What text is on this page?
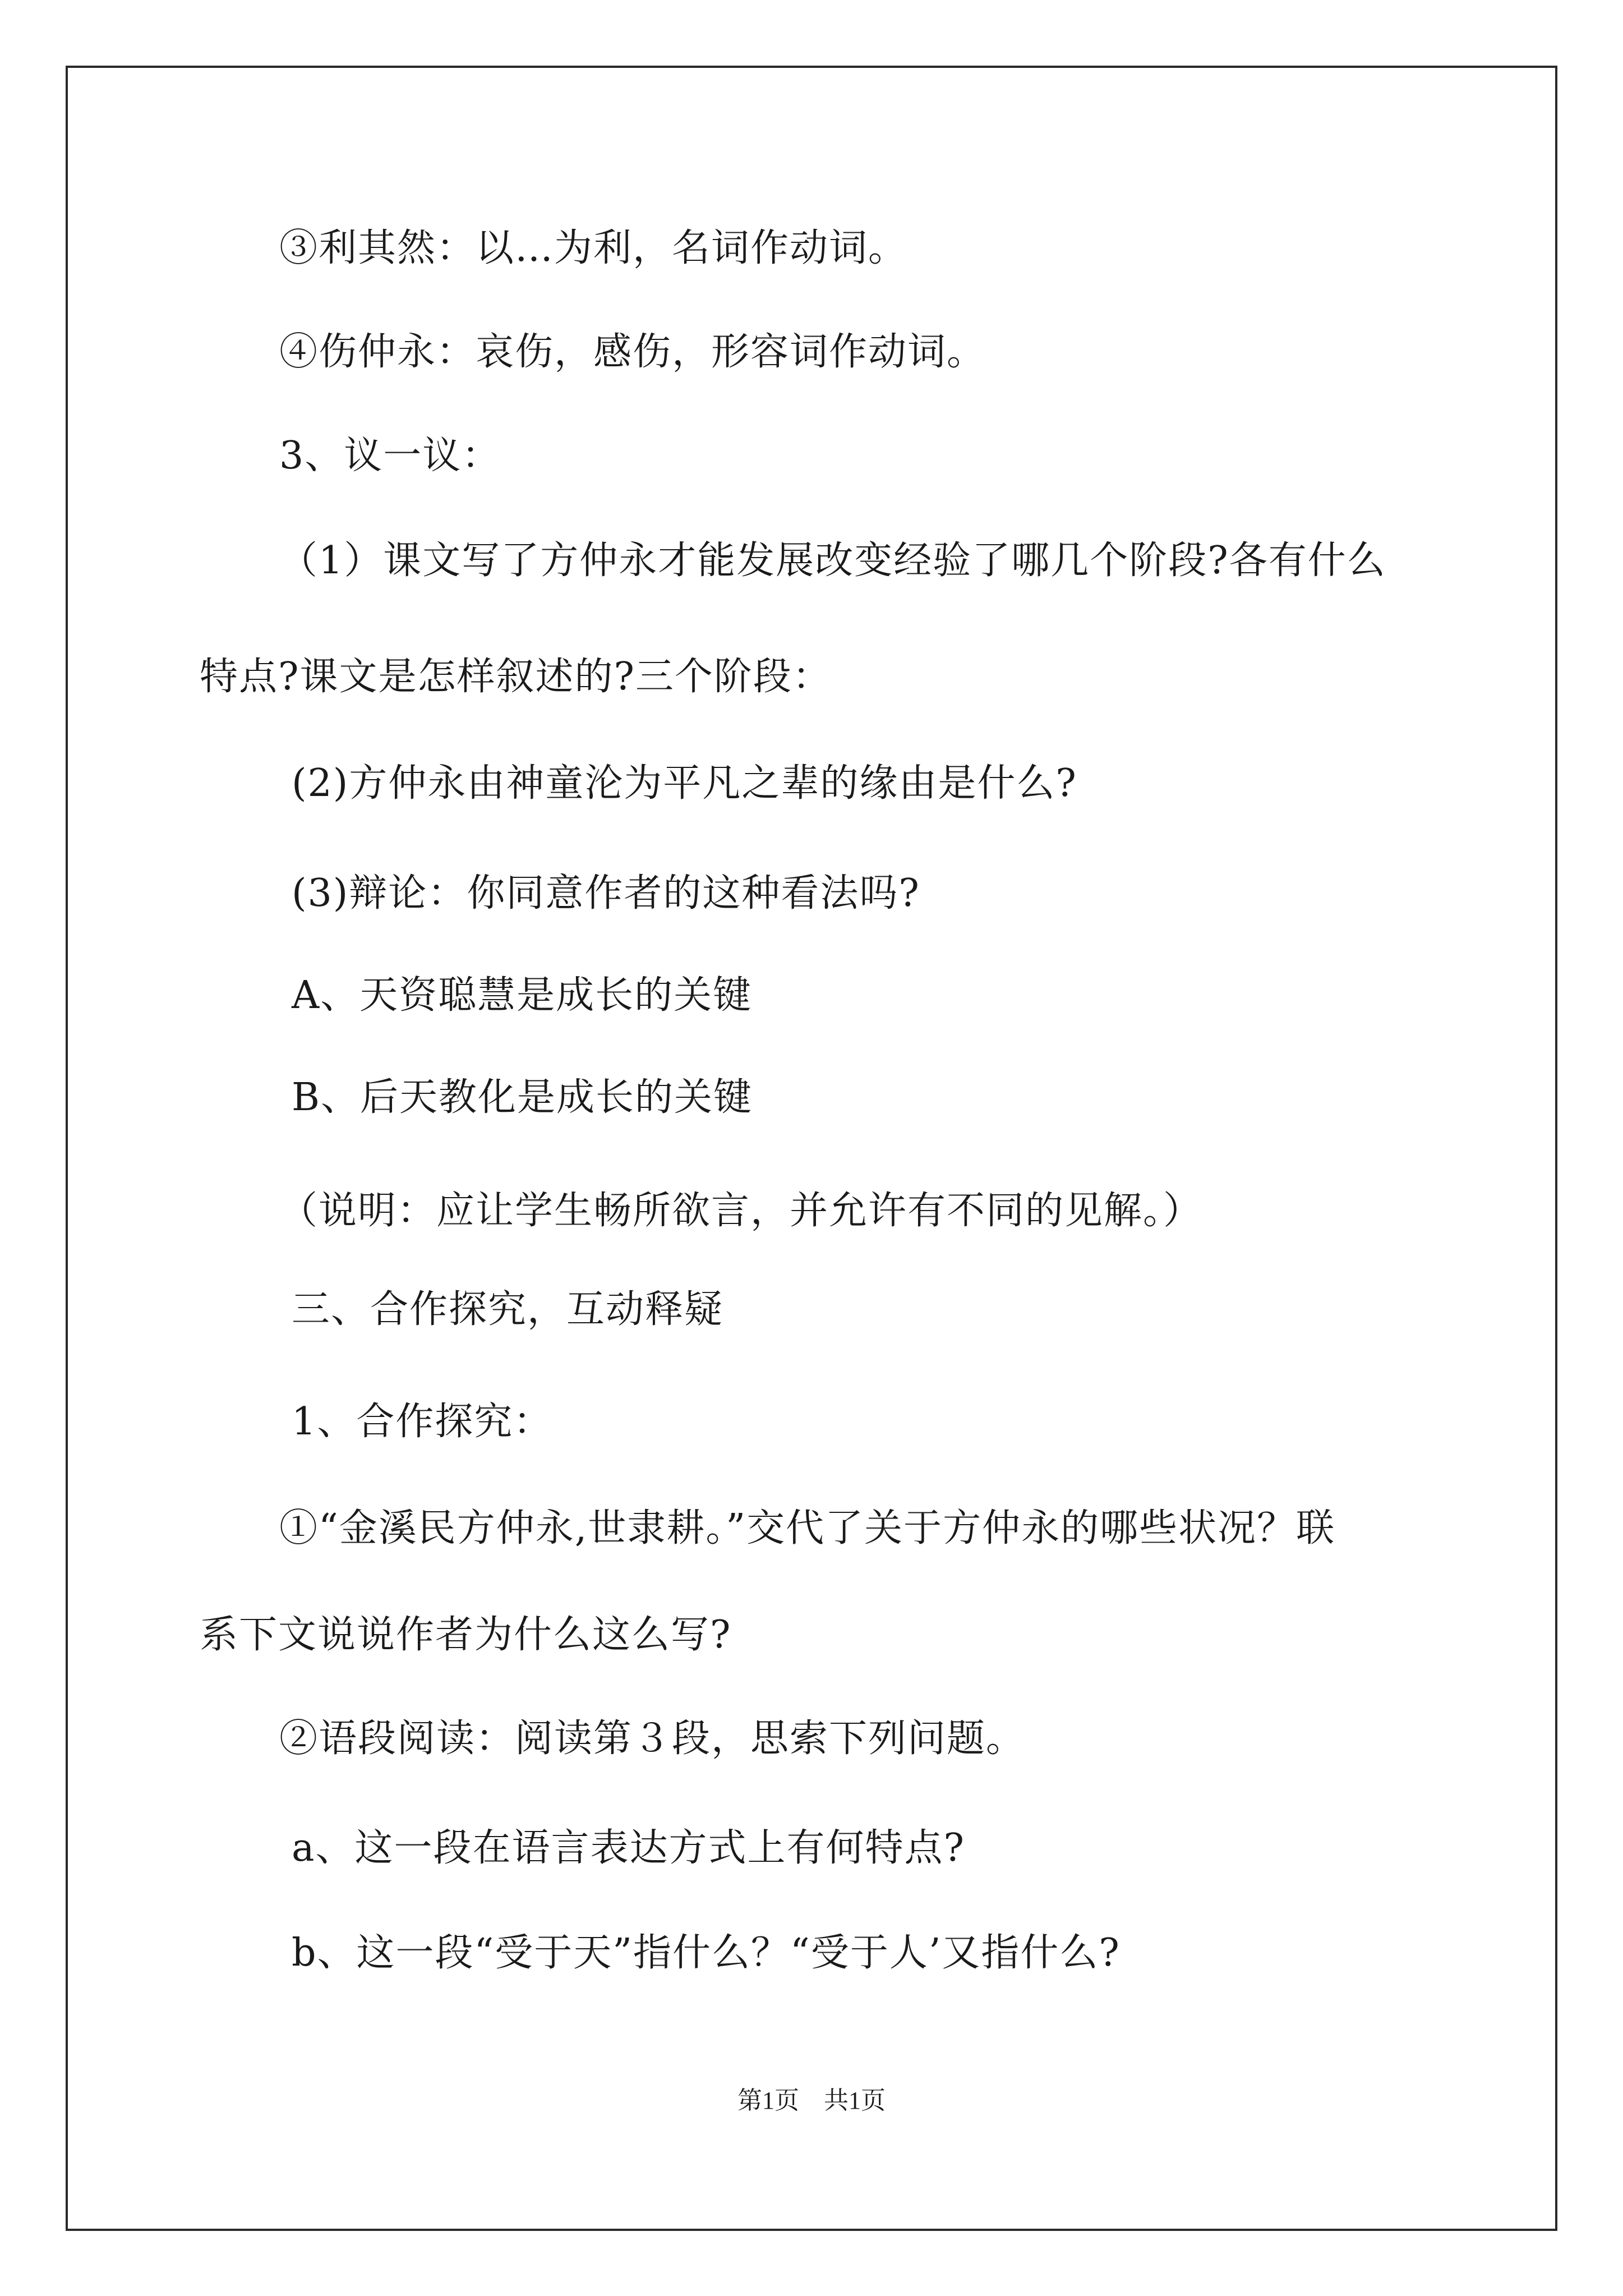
③利其然：以…为利，名词作动词。
④伤仲永：哀伤，感伤，形容词作动词。
3、议一议：
（1）课文写了方仲永才能发展改变经验了哪几个阶段?各有什么
特点?课文是怎样叙述的?三个阶段：
(2)方仲永由神童沦为平凡之辈的缘由是什么?
(3)辩论：你同意作者的这种看法吗?
A、天资聪慧是成长的关键
B、后天教化是成长的关键
（说明：应让学生畅所欲言，并允许有不同的见解。）
三、合作探究，互动释疑
1、合作探究：
①“金溪民方仲永,世隶耕。”交代了关于方仲永的哪些状况？联
系下文说说作者为什么这么写?
②语段阅读：阅读第３段，思索下列问题。
a、这一段在语言表达方式上有何特点?
b、这一段“受于天”指什么？“受于人’又指什么?
第1页　共1页
